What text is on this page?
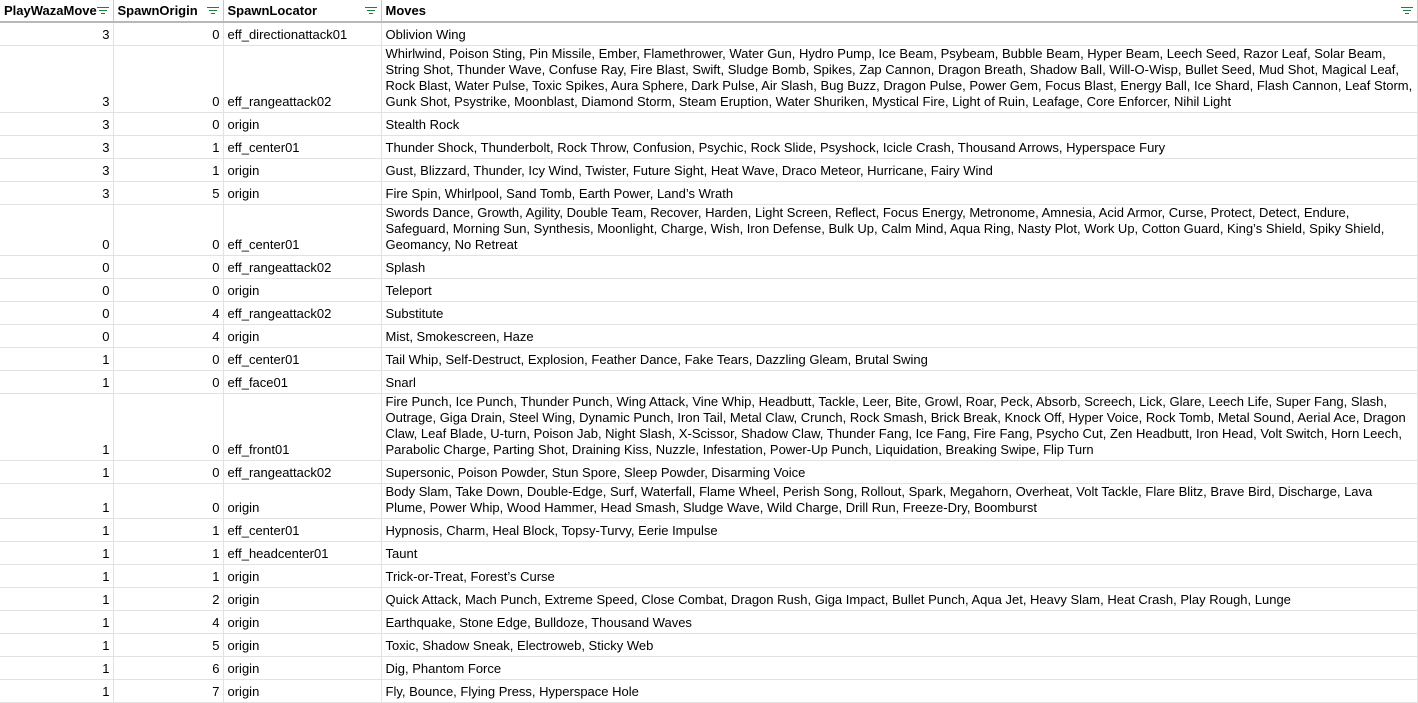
PlayWazaMove	SpawnOrigin	SpawnLocator	Moves

3	0	eff_directionattack01	Oblivion Wing
3	0	eff_rangeattack02	Whirlwind, Poison Sting, Pin Missile, Ember, Flamethrower, Water Gun, Hydro Pump, Ice Beam, Psybeam, Bubble Beam, Hyper Beam, Leech Seed, Razor Leaf, Solar Beam, String Shot, Thunder Wave, Confuse Ray, Fire Blast, Swift, Sludge Bomb, Spikes, Zap Cannon, Dragon Breath, Shadow Ball, Will-O-Wisp, Bullet Seed, Mud Shot, Magical Leaf, Rock Blast, Water Pulse, Toxic Spikes, Aura Sphere, Dark Pulse, Air Slash, Bug Buzz, Dragon Pulse, Power Gem, Focus Blast, Energy Ball, Ice Shard, Flash Cannon, Leaf Storm, Gunk Shot, Psystrike, Moonblast, Diamond Storm, Steam Eruption, Water Shuriken, Mystical Fire, Light of Ruin, Leafage, Core Enforcer, Nihil Light
3	0	origin	Stealth Rock
3	1	eff_center01	Thunder Shock, Thunderbolt, Rock Throw, Confusion, Psychic, Rock Slide, Psyshock, Icicle Crash, Thousand Arrows, Hyperspace Fury
3	1	origin	Gust, Blizzard, Thunder, Icy Wind, Twister, Future Sight, Heat Wave, Draco Meteor, Hurricane, Fairy Wind
3	5	origin	Fire Spin, Whirlpool, Sand Tomb, Earth Power, Land’s Wrath
0	0	eff_center01	Swords Dance, Growth, Agility, Double Team, Recover, Harden, Light Screen, Reflect, Focus Energy, Metronome, Amnesia, Acid Armor, Curse, Protect, Detect, Endure, Safeguard, Morning Sun, Synthesis, Moonlight, Charge, Wish, Iron Defense, Bulk Up, Calm Mind, Aqua Ring, Nasty Plot, Work Up, Cotton Guard, King’s Shield, Spiky Shield, Geomancy, No Retreat
0	0	eff_rangeattack02	Splash
0	0	origin	Teleport
0	4	eff_rangeattack02	Substitute
0	4	origin	Mist, Smokescreen, Haze
1	0	eff_center01	Tail Whip, Self-Destruct, Explosion, Feather Dance, Fake Tears, Dazzling Gleam, Brutal Swing
1	0	eff_face01	Snarl
1	0	eff_front01	Fire Punch, Ice Punch, Thunder Punch, Wing Attack, Vine Whip, Headbutt, Tackle, Leer, Bite, Growl, Roar, Peck, Absorb, Screech, Lick, Glare, Leech Life, Super Fang, Slash, Outrage, Giga Drain, Steel Wing, Dynamic Punch, Iron Tail, Metal Claw, Crunch, Rock Smash, Brick Break, Knock Off, Hyper Voice, Rock Tomb, Metal Sound, Aerial Ace, Dragon Claw, Leaf Blade, U-turn, Poison Jab, Night Slash, X-Scissor, Shadow Claw, Thunder Fang, Ice Fang, Fire Fang, Psycho Cut, Zen Headbutt, Iron Head, Volt Switch, Horn Leech, Parabolic Charge, Parting Shot, Draining Kiss, Nuzzle, Infestation, Power-Up Punch, Liquidation, Breaking Swipe, Flip Turn
1	0	eff_rangeattack02	Supersonic, Poison Powder, Stun Spore, Sleep Powder, Disarming Voice
1	0	origin	Body Slam, Take Down, Double-Edge, Surf, Waterfall, Flame Wheel, Perish Song, Rollout, Spark, Megahorn, Overheat, Volt Tackle, Flare Blitz, Brave Bird, Discharge, Lava Plume, Power Whip, Wood Hammer, Head Smash, Sludge Wave, Wild Charge, Drill Run, Freeze-Dry, Boomburst
1	1	eff_center01	Hypnosis, Charm, Heal Block, Topsy-Turvy, Eerie Impulse
1	1	eff_headcenter01	Taunt
1	1	origin	Trick-or-Treat, Forest’s Curse
1	2	origin	Quick Attack, Mach Punch, Extreme Speed, Close Combat, Dragon Rush, Giga Impact, Bullet Punch, Aqua Jet, Heavy Slam, Heat Crash, Play Rough, Lunge
1	4	origin	Earthquake, Stone Edge, Bulldoze, Thousand Waves
1	5	origin	Toxic, Shadow Sneak, Electroweb, Sticky Web
1	6	origin	Dig, Phantom Force
1	7	origin	Fly, Bounce, Flying Press, Hyperspace Hole
